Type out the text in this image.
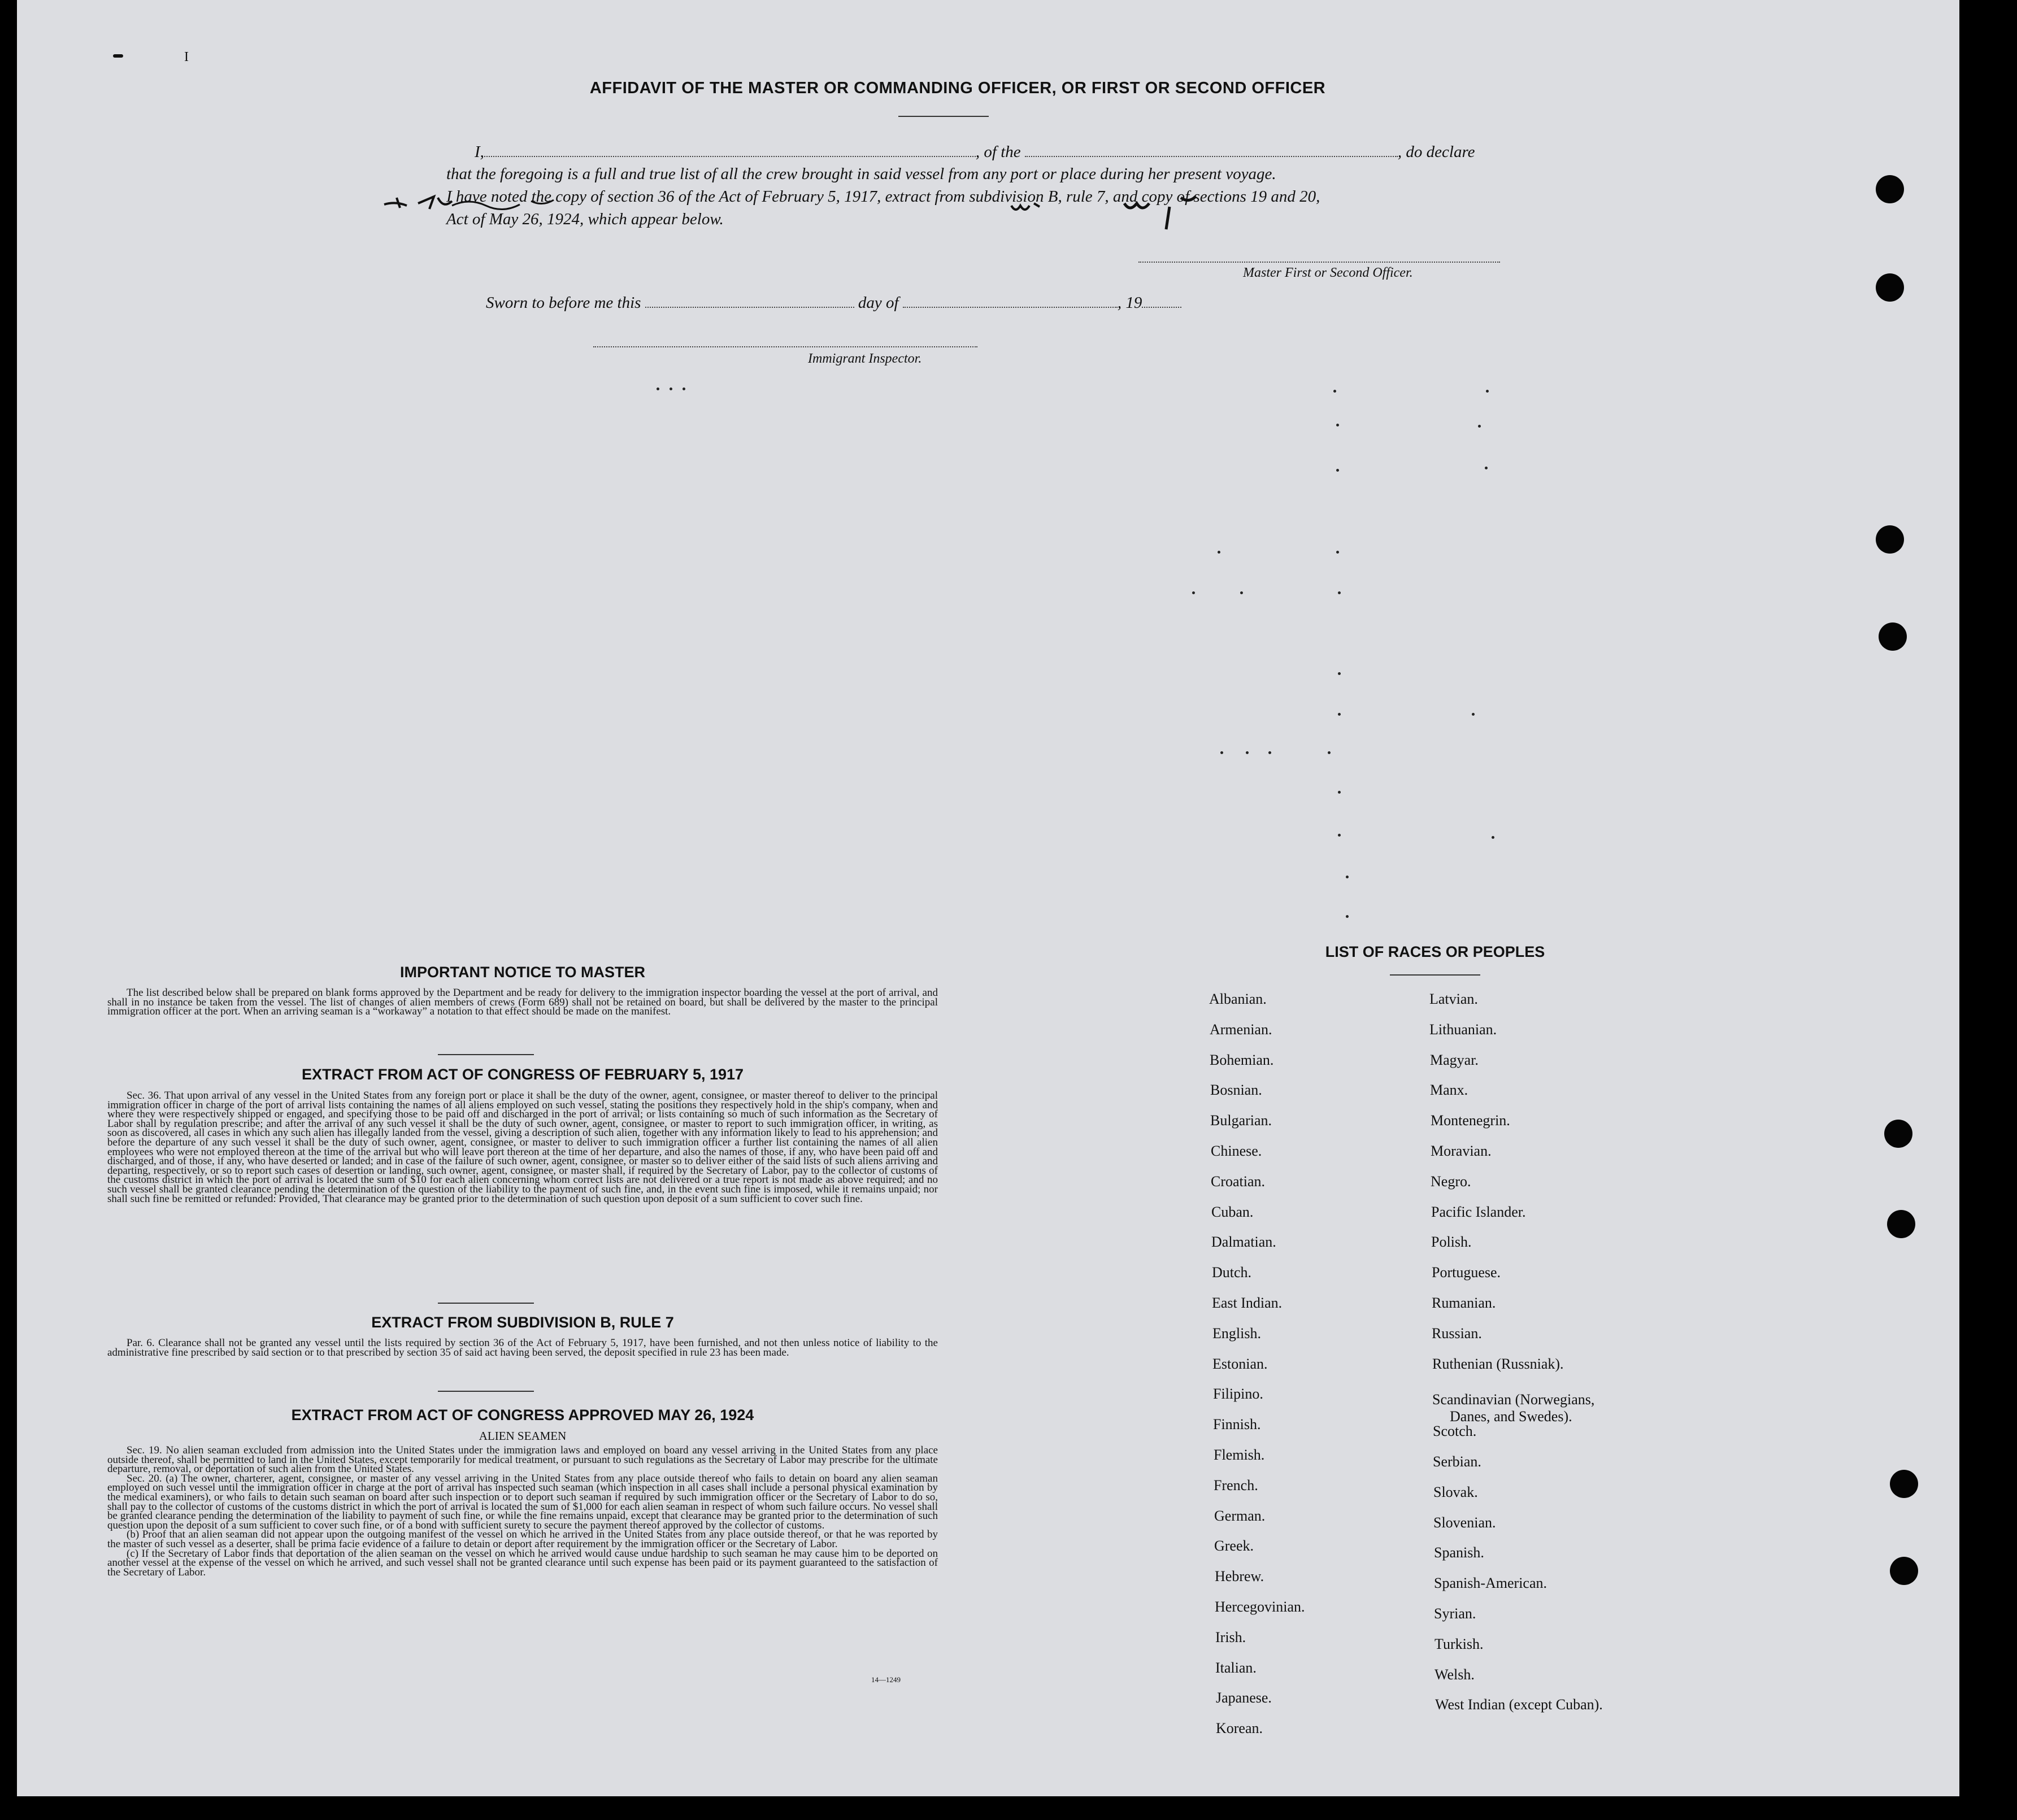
I
AFFIDAVIT OF THE MASTER OR COMMANDING OFFICER, OR FIRST OR SECOND OFFICER
I,	, of the	, do declare
that the foregoing is a full and true list of all the crew brought in said vessel from any port or place during her present voyage.
I have noted the copy of section 36 of the Act of February 5, 1917, extract from subdivision B, rule 7, and copy of sections 19 and 20,
Act of May 26, 1924, which appear below.
Master First or Second Officer.
Sworn to before me this	day of	, 19
Immigrant Inspector.
IMPORTANT NOTICE TO MASTER

The list described below shall be prepared on blank forms approved by the Department and be ready for delivery to the immigration inspector boarding the vessel at the port of arrival, and shall in no instance be taken from the vessel. The list of changes of alien members of crews (Form 689) shall not be retained on board, but shall be delivered by the master to the principal immigration officer at the port. When an arriving seaman is a “workaway” a notation to that effect should be made on the manifest.

EXTRACT FROM ACT OF CONGRESS OF FEBRUARY 5, 1917

Sec. 36. That upon arrival of any vessel in the United States from any foreign port or place it shall be the duty of the owner, agent, consignee, or master thereof to deliver to the principal immigration officer in charge of the port of arrival lists containing the names of all aliens employed on such vessel, stating the positions they respectively hold in the ship's company, when and where they were respectively shipped or engaged, and specifying those to be paid off and discharged in the port of arrival; or lists containing so much of such information as the Secretary of Labor shall by regulation prescribe; and after the arrival of any such vessel it shall be the duty of such owner, agent, consignee, or master to report to such immigration officer, in writing, as soon as discovered, all cases in which any such alien has illegally landed from the vessel, giving a description of such alien, together with any information likely to lead to his apprehension; and before the departure of any such vessel it shall be the duty of such owner, agent, consignee, or master to deliver to such immigration officer a further list containing the names of all alien employees who were not employed thereon at the time of the arrival but who will leave port thereon at the time of her departure, and also the names of those, if any, who have been paid off and discharged, and of those, if any, who have deserted or landed; and in case of the failure of such owner, agent, consignee, or master so to deliver either of the said lists of such aliens arriving and departing, respectively, or so to report such cases of desertion or landing, such owner, agent, consignee, or master shall, if required by the Secretary of Labor, pay to the collector of customs of the customs district in which the port of arrival is located the sum of $10 for each alien concerning whom correct lists are not delivered or a true report is not made as above required; and no such vessel shall be granted clearance pending the determination of the question of the liability to the payment of such fine, and, in the event such fine is imposed, while it remains unpaid; nor shall such fine be remitted or refunded: Provided, That clearance may be granted prior to the determination of such question upon deposit of a sum sufficient to cover such fine.

EXTRACT FROM SUBDIVISION B, RULE 7

Par. 6. Clearance shall not be granted any vessel until the lists required by section 36 of the Act of February 5, 1917, have been furnished, and not then unless notice of liability to the administrative fine prescribed by said section or to that prescribed by section 35 of said act having been served, the deposit specified in rule 23 has been made.

EXTRACT FROM ACT OF CONGRESS APPROVED MAY 26, 1924
ALIEN SEAMEN

Sec. 19. No alien seaman excluded from admission into the United States under the immigration laws and employed on board any vessel arriving in the United States from any place outside thereof, shall be permitted to land in the United States, except temporarily for medical treatment, or pursuant to such regulations as the Secretary of Labor may prescribe for the ultimate departure, removal, or deportation of such alien from the United States.

Sec. 20. (a) The owner, charterer, agent, consignee, or master of any vessel arriving in the United States from any place outside thereof who fails to detain on board any alien seaman employed on such vessel until the immigration officer in charge at the port of arrival has inspected such seaman (which inspection in all cases shall include a personal physical examination by the medical examiners), or who fails to detain such seaman on board after such inspection or to deport such seaman if required by such immigration officer or the Secretary of Labor to do so, shall pay to the collector of customs of the customs district in which the port of arrival is located the sum of $1,000 for each alien seaman in respect of whom such failure occurs. No vessel shall be granted clearance pending the determination of the liability to payment of such fine, or while the fine remains unpaid, except that clearance may be granted prior to the determination of such question upon the deposit of a sum sufficient to cover such fine, or of a bond with sufficient surety to secure the payment thereof approved by the collector of customs.

(b) Proof that an alien seaman did not appear upon the outgoing manifest of the vessel on which he arrived in the United States from any place outside thereof, or that he was reported by the master of such vessel as a deserter, shall be prima facie evidence of a failure to detain or deport after requirement by the immigration officer or the Secretary of Labor.

(c) If the Secretary of Labor finds that deportation of the alien seaman on the vessel on which he arrived would cause undue hardship to such seaman he may cause him to be deported on another vessel at the expense of the vessel on which he arrived, and such vessel shall not be granted clearance until such expense has been paid or its payment guaranteed to the satisfaction of the Secretary of Labor.

14—1249
LIST OF RACES OR PEOPLES
Albanian.
Armenian.
Bohemian.
Bosnian.
Bulgarian.
Chinese.
Croatian.
Cuban.
Dalmatian.
Dutch.
East Indian.
English.
Estonian.
Filipino.
Finnish.
Flemish.
French.
German.
Greek.
Hebrew.
Hercegovinian.
Irish.
Italian.
Japanese.
Korean.
Latvian.
Lithuanian.
Magyar.
Manx.
Montenegrin.
Moravian.
Negro.
Pacific Islander.
Polish.
Portuguese.
Rumanian.
Russian.
Ruthenian (Russniak).
Scandinavian (Norwegians,
Danes, and Swedes).
Scotch.
Serbian.
Slovak.
Slovenian.
Spanish.
Spanish-American.
Syrian.
Turkish.
Welsh.
West Indian (except Cuban).
